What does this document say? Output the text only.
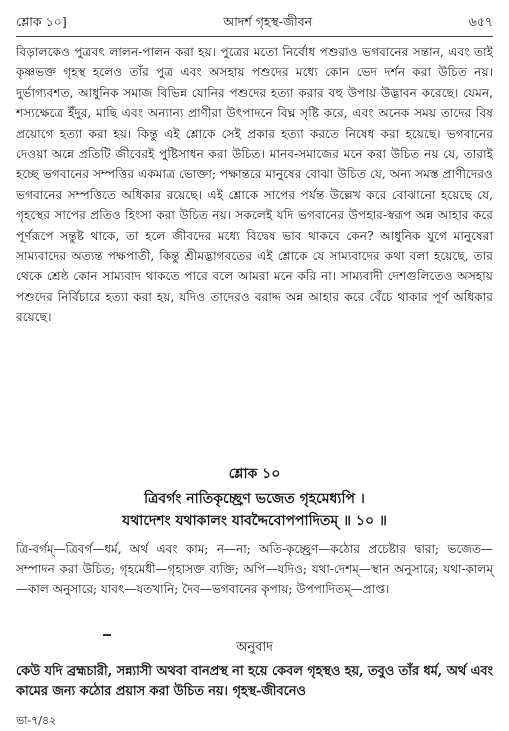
শ্লোক ১০]	আদর্শ গৃহস্থ-জীবন	৬৫৭

বিড়ালকেও পুত্রবৎ লালন-পালন করা হয়। পুত্রের মতো নির্বোধ পশুরাও ভগবানের সন্তান, এবং তাই কৃষ্ণভক্ত গৃহস্থ হলেও তাঁর পুত্র এবং অসহায় পশুদের মধ্যে কোন ভেদ দর্শন করা উচিত নয়। দুর্ভাগ্যবশত, আধুনিক সমাজ বিভিন্ন যোনির পশুদের হত্যা করার বহু উপায় উদ্ভাবন করেছে। যেমন, শস্যক্ষেত্রে ইঁদুর, মাছি এবং অন্যান্য প্রাণীরা উৎপাদনে বিঘ্ন সৃষ্টি করে, এবং অনেক সময় তাদের বিষ প্রয়োগে হত্যা করা হয়। কিন্তু এই শ্লোকে সেই প্রকার হত্যা করতে নিষেধ করা হয়েছে। ভগবানের দেওয়া অন্নে প্রতিটি জীবেরই পুষ্টিসাধন করা উচিত। মানব-সমাজের মনে করা উচিত নয় যে, তারাই হচ্ছে ভগবানের সম্পত্তির একমাত্র ভোক্তা; পক্ষান্তরে মানুষের বোঝা উচিত যে, অন্য সমস্ত প্রাণীদেরও ভগবানের সম্পত্তিতে অধিকার রয়েছে। এই শ্লোকে সাপের পর্যন্ত উল্লেখ করে বোঝানো হয়েছে যে, গৃহস্থের সাপের প্রতিও হিংসা করা উচিত নয়। সকলেই যদি ভগবানের উপহার-স্বরূপ অন্ন আহার করে পূর্ণরূপে সন্তুষ্ট থাকে, তা হলে জীবদের মধ্যে বিদ্বেষ ভাব থাকবে কেন? আধুনিক যুগে মানুষেরা সাম্যবাদের অত্যন্ত পক্ষপাতী, কিন্তু শ্রীমদ্ভাগবতের এই শ্লোকে যে সাম্যবাদের কথা বলা হয়েছে, তার থেকে শ্রেষ্ঠ কোন সাম্যবাদ থাকতে পারে বলে আমরা মনে করি না। সাম্যবাদী দেশগুলিতেও অসহায় পশুদের নির্বিচারে হত্যা করা হয়, যদিও তাদেরও বরাদ্দ অন্ন আহার করে বেঁচে থাকার পূর্ণ অধিকার রয়েছে।

শ্লোক ১০
ত্রিবর্গং নাতিকৃচ্ছ্রেণ ভজেত গৃহমেধ্যপি ।
যথাদেশং যথাকালং যাবদ্দৈবোপপাদিতম্ ॥ ১০ ॥
ত্রি-বর্গম্—ত্রিবর্গ—ধর্ম, অর্থ এবং কাম; ন—না; অতি-কৃচ্ছ্রেণ—কঠোর প্রচেষ্টার দ্বারা; ভজেত—সম্পাদন করা উচিত; গৃহমেধী—গৃহাসক্ত ব্যক্তি; অপি—যদিও; যথা-দেশম্—স্থান অনুসারে; যথা-কালম্—কাল অনুসারে; যাবৎ—যতখানি; দৈব—ভগবানের কৃপায়; উপপাদিতম্—প্রাপ্ত।
অনুবাদ
কেউ যদি ব্রহ্মচারী, সন্ন্যাসী অথবা বানপ্রস্থ না হয়ে কেবল গৃহস্থও হয়, তবুও তাঁর ধর্ম, অর্থ এবং কামের জন্য কঠোর প্রয়াস করা উচিত নয়। গৃহস্থ-জীবনেও
ভা-৭/৪২
